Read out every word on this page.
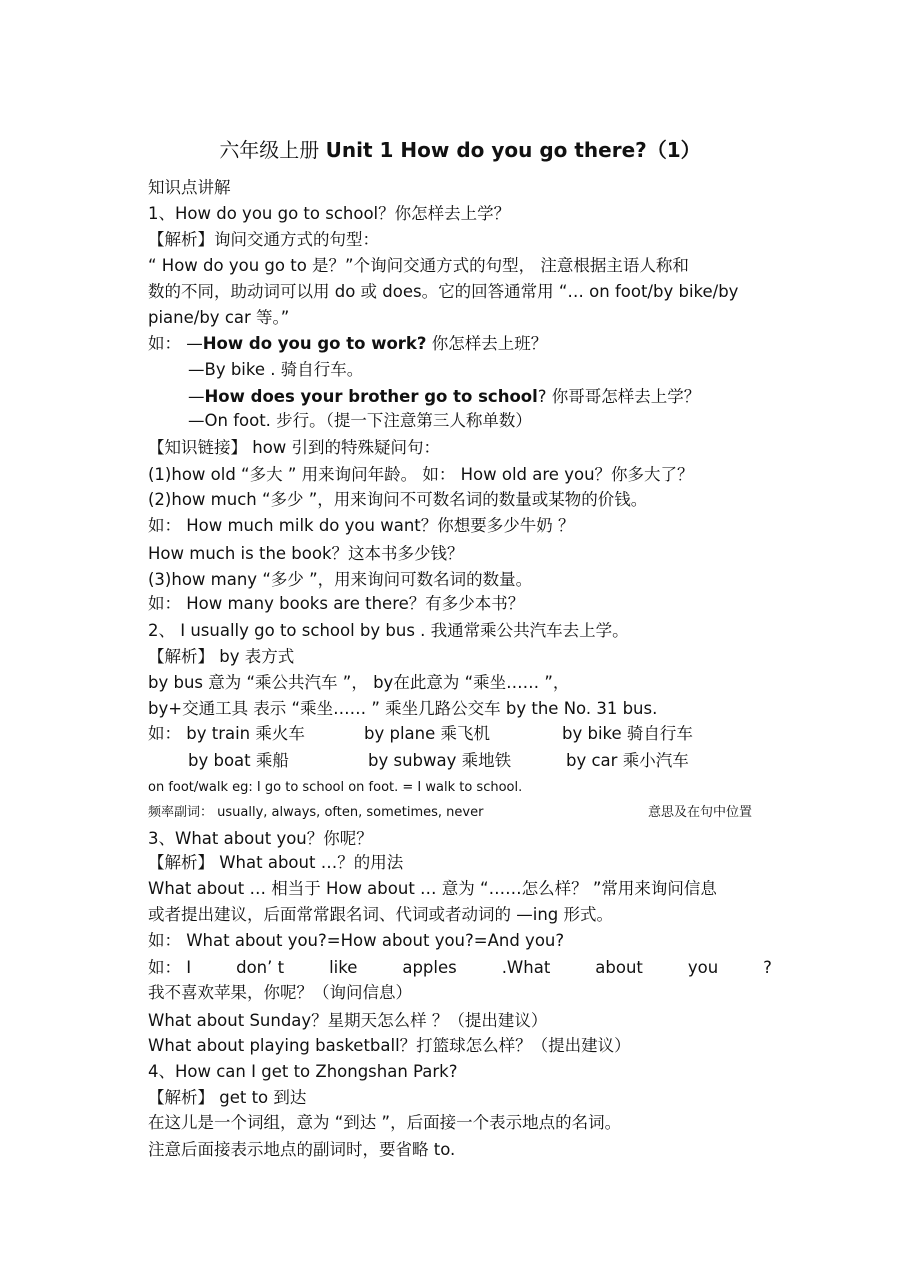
六年级上册 Unit 1 How do you go there?（1）
知识点讲解
1、How do you go to school？你怎样去上学？
【解析】询问交通方式的句型：
“ How do you go to 是？”个询问交通方式的句型， 注意根据主语人称和
数的不同，助动词可以用 do 或 does。它的回答通常用 “… on foot/by bike/by
piane/by car 等。”
如： —How do you go to work? 你怎样去上班？
—By bike . 骑自行车。
—How does your brother go to school? 你哥哥怎样去上学？
—On foot. 步行。（提一下注意第三人称单数）
【知识链接】 how 引到的特殊疑问句：
(1)how old “多大 ” 用来询问年龄。 如： How old are you？你多大了？
(2)how much “多少 ”，用来询问不可数名词的数量或某物的价钱。
如： How much milk do you want？你想要多少牛奶 ？
How much is the book？这本书多少钱？
(3)how many “多少 ”，用来询问可数名词的数量。
如： How many books are there？有多少本书？
2、 I usually go to school by bus . 我通常乘公共汽车去上学。
【解析】 by 表方式
by bus 意为 “乘公共汽车 ”， by在此意为 “乘坐…… ”，
by+交通工具 表示 “乘坐…… ” 乘坐几路公交车 by the No. 31 bus.
如： by train 乘火车	by plane 乘飞机	by bike 骑自行车
by boat 乘船	by subway 乘地铁	by car 乘小汽车
on foot/walk eg: I go to school on foot. = I walk to school.
频率副词： usually, always, often, sometimes, never	意思及在句中位置
3、What about you？你呢？
【解析】 What about …？的用法
What about … 相当于 How about … 意为 “……怎么样？ ”常用来询问信息
或者提出建议，后面常常跟名词、代词或者动词的 —ing 形式。
如： What about you?=How about you?=And you?
如： I	don’ t	like	apples	.What	about	you	?
我不喜欢苹果，你呢？（询问信息）
What about Sunday？星期天怎么样 ？（提出建议）
What about playing basketball？打篮球怎么样？（提出建议）
4、How can I get to Zhongshan Park?
【解析】 get to 到达
在这儿是一个词组，意为 “到达 ”，后面接一个表示地点的名词。
注意后面接表示地点的副词时，要省略 to.
